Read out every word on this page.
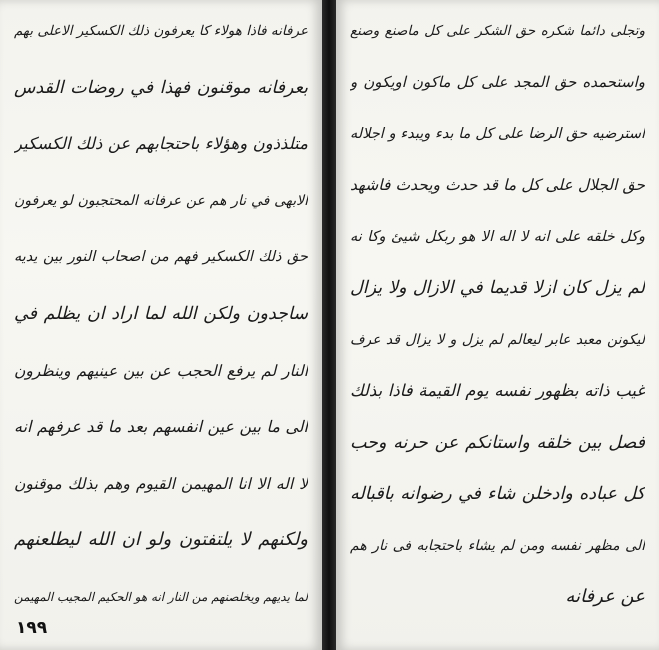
عرفانه فاذا هولاء کا یعرفون ذلك الکسکیر الاعلی بهم
بعرفانه موقنون فهذا في روضات القدس
متلذذون وهؤلاء باحتجابهم عن ذلك الکسکیر
الابهی في نار هم عن عرفانه المحتجبون لو يعرفون
حق ذلك الکسکیر فهم من اصحاب النور بين يديه
ساجدون ولکن الله لما اراد ان یظلم في
النار لم يرفع الحجب عن بين عينيهم وينظرون
الى ما بين عين انفسهم بعد ما قد عرفهم انه
لا اله الا انا المهيمن القيوم وهم بذلك موقنون
ولکنهم لا يلتفتون ولو ان الله ليطلعنهم
لما يديهم ويخلصنهم من النار انه هو الحکیم المجيب المهيمن
١٩٩
وتجلی دائما شکره حق الشکر على كل ماصنع وصنع
واستحمده حق المجد علی کل ماکون اویکون و
استرضیه حق الرضا على كل ما بدء ویبدء و اجلاله
حق الجلال علی کل ما قد حدث ویحدث فاشهد
وکل خلقه على انه لا اله الا هو ربکل شیئ وکا نه
لم یزل کان ازلا قدیما في الازال ولا یزال
لیکونن معبد عابر ليعالم لم یزل و لا یزال قد عرف
غیب ذاته بظهور نفسه یوم القیمة فاذا بذلك
فصل بین خلقه واستانکم عن حرنه وحب
کل عباده وادخلن شاء في رضوانه باقباله
الى مظهر نفسه ومن لم یشاء باحتجابه فی نار هم
عن عرفانه
